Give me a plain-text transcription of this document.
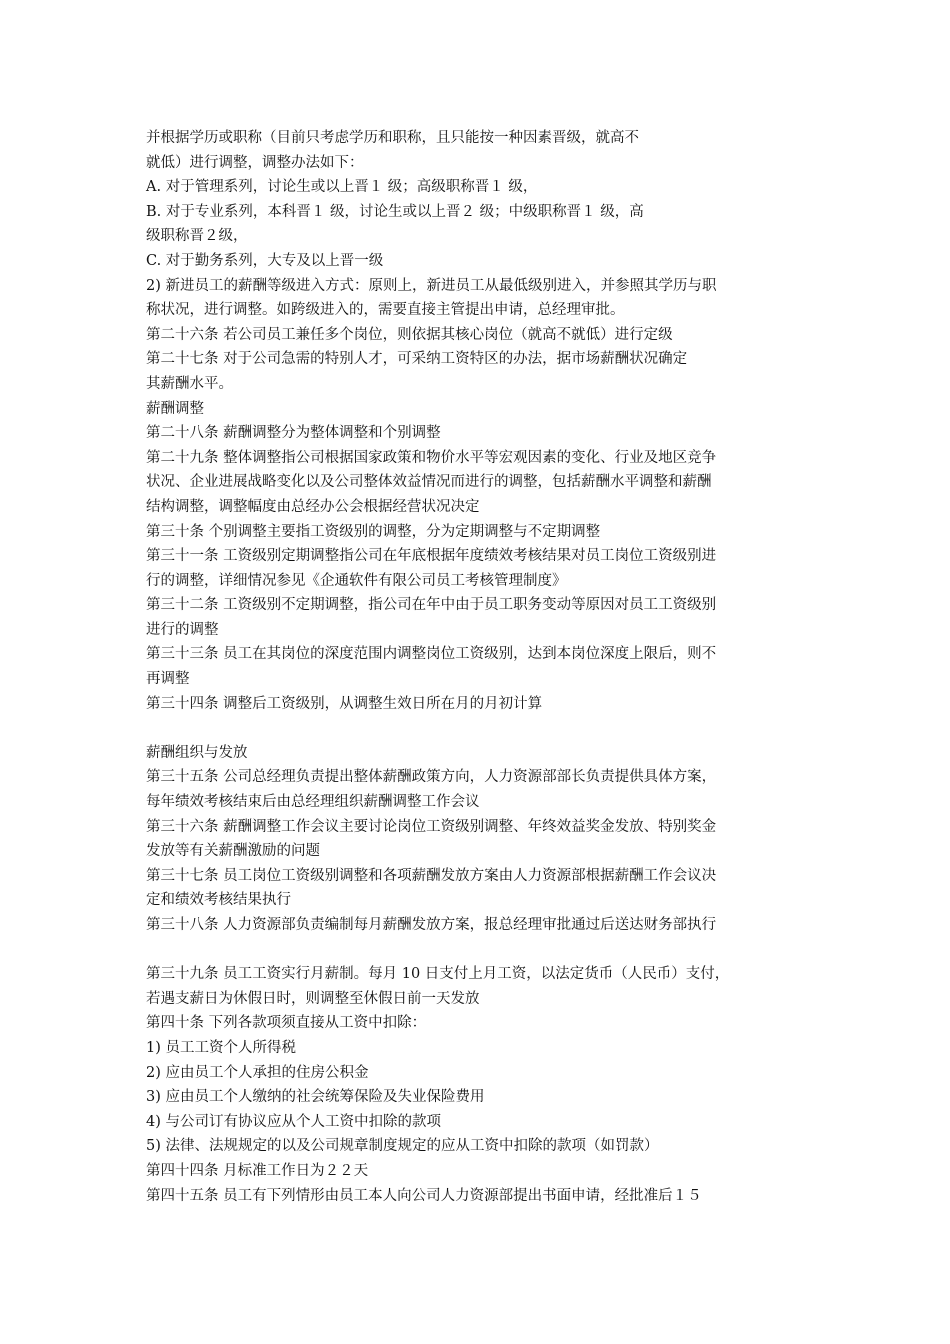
并根据学历或职称（目前只考虑学历和职称，且只能按一种因素晋级，就高不
就低）进行调整，调整办法如下：
A. 对于管理系列，讨论生或以上晋１ 级；高级职称晋１ 级，
B. 对于专业系列，本科晋１ 级，讨论生或以上晋２ 级；中级职称晋１ 级，高
级职称晋２级，
C. 对于勤务系列，大专及以上晋一级
2) 新进员工的薪酬等级进入方式：原则上，新进员工从最低级别进入，并参照其学历与职
称状况，进行调整。如跨级进入的，需要直接主管提出申请，总经理审批。
第二十六条 若公司员工兼任多个岗位，则依据其核心岗位（就高不就低）进行定级
第二十七条 对于公司急需的特别人才，可采纳工资特区的办法，据市场薪酬状况确定
其薪酬水平。
薪酬调整
第二十八条 薪酬调整分为整体调整和个别调整
第二十九条 整体调整指公司根据国家政策和物价水平等宏观因素的变化、行业及地区竞争
状况、企业进展战略变化以及公司整体效益情况而进行的调整，包括薪酬水平调整和薪酬
结构调整，调整幅度由总经办公会根据经营状况决定
第三十条 个别调整主要指工资级别的调整，分为定期调整与不定期调整
第三十一条 工资级别定期调整指公司在年底根据年度绩效考核结果对员工岗位工资级别进
行的调整，详细情况参见《企通软件有限公司员工考核管理制度》
第三十二条 工资级别不定期调整，指公司在年中由于员工职务变动等原因对员工工资级别
进行的调整
第三十三条 员工在其岗位的深度范围内调整岗位工资级别，达到本岗位深度上限后，则不
再调整
第三十四条 调整后工资级别，从调整生效日所在月的月初计算
薪酬组织与发放
第三十五条 公司总经理负责提出整体薪酬政策方向，人力资源部部长负责提供具体方案，
每年绩效考核结束后由总经理组织薪酬调整工作会议
第三十六条 薪酬调整工作会议主要讨论岗位工资级别调整、年终效益奖金发放、特别奖金
发放等有关薪酬激励的问题
第三十七条 员工岗位工资级别调整和各项薪酬发放方案由人力资源部根据薪酬工作会议决
定和绩效考核结果执行
第三十八条 人力资源部负责编制每月薪酬发放方案，报总经理审批通过后送达财务部执行
第三十九条 员工工资实行月薪制。每月 10 日支付上月工资，以法定货币（人民币）支付，
若遇支薪日为休假日时，则调整至休假日前一天发放
第四十条 下列各款项须直接从工资中扣除：
1) 员工工资个人所得税
2) 应由员工个人承担的住房公积金
3) 应由员工个人缴纳的社会统筹保险及失业保险费用
4) 与公司订有协议应从个人工资中扣除的款项
5) 法律、法规规定的以及公司规章制度规定的应从工资中扣除的款项（如罚款）
第四十四条 月标准工作日为２２天
第四十五条 员工有下列情形由员工本人向公司人力资源部提出书面申请，经批准后１５
